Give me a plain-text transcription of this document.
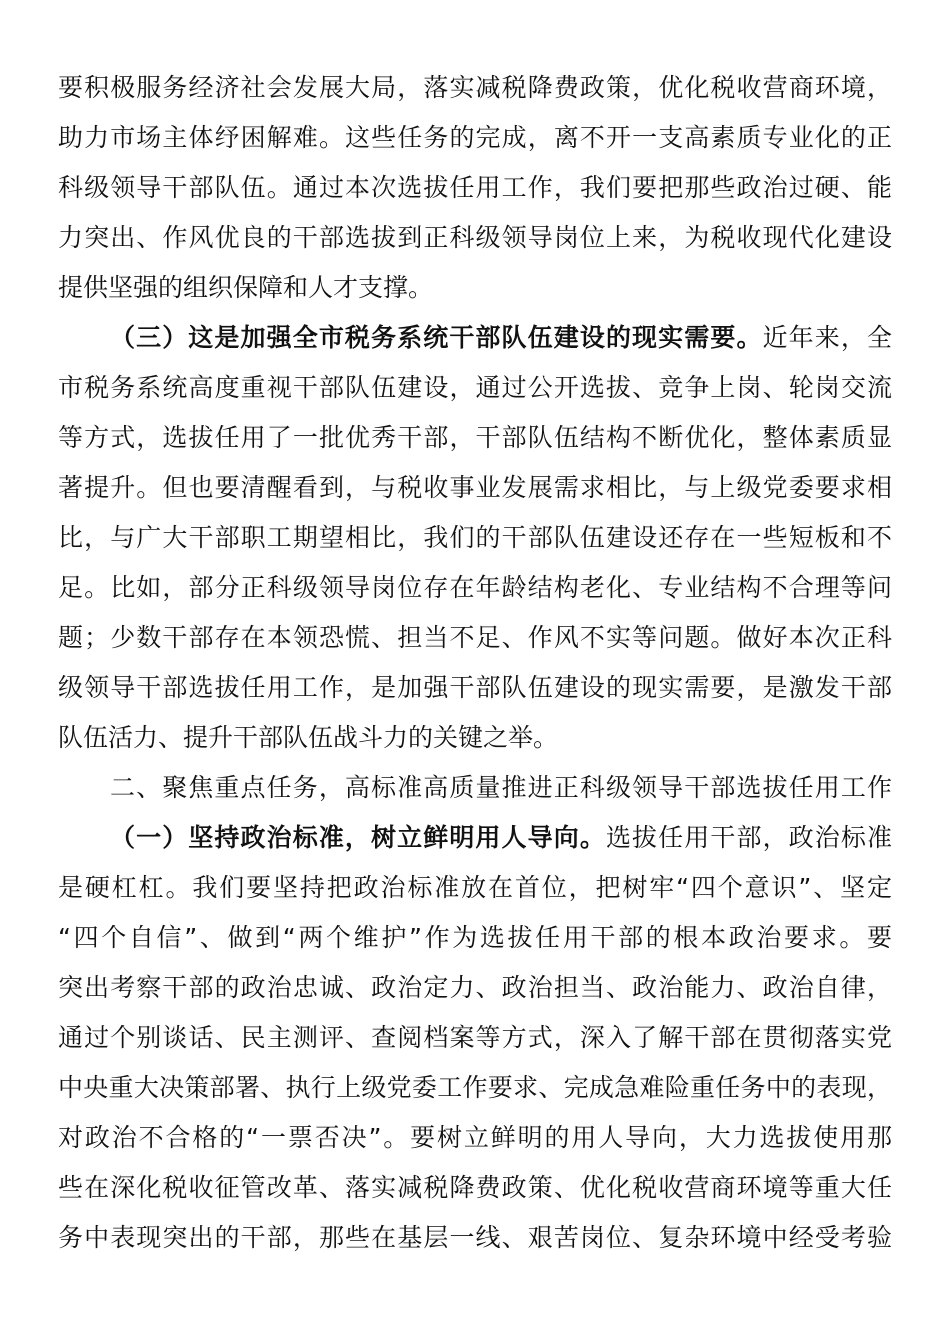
要积极服务经济社会发展大局，落实减税降费政策，优化税收营商环境，
助力市场主体纾困解难。这些任务的完成，离不开一支高素质专业化的正
科级领导干部队伍。通过本次选拔任用工作，我们要把那些政治过硬、能
力突出、作风优良的干部选拔到正科级领导岗位上来，为税收现代化建设
提供坚强的组织保障和人才支撑。
（三）这是加强全市税务系统干部队伍建设的现实需要。近年来，全
市税务系统高度重视干部队伍建设，通过公开选拔、竞争上岗、轮岗交流
等方式，选拔任用了一批优秀干部，干部队伍结构不断优化，整体素质显
著提升。但也要清醒看到，与税收事业发展需求相比，与上级党委要求相
比，与广大干部职工期望相比，我们的干部队伍建设还存在一些短板和不
足。比如，部分正科级领导岗位存在年龄结构老化、专业结构不合理等问
题；少数干部存在本领恐慌、担当不足、作风不实等问题。做好本次正科
级领导干部选拔任用工作，是加强干部队伍建设的现实需要，是激发干部
队伍活力、提升干部队伍战斗力的关键之举。
二、聚焦重点任务，高标准高质量推进正科级领导干部选拔任用工作
（一）坚持政治标准，树立鲜明用人导向。选拔任用干部，政治标准
是硬杠杠。我们要坚持把政治标准放在首位，把树牢“四个意识”、坚定
“四个自信”、做到“两个维护”作为选拔任用干部的根本政治要求。要
突出考察干部的政治忠诚、政治定力、政治担当、政治能力、政治自律，
通过个别谈话、民主测评、查阅档案等方式，深入了解干部在贯彻落实党
中央重大决策部署、执行上级党委工作要求、完成急难险重任务中的表现，
对政治不合格的“一票否决”。要树立鲜明的用人导向，大力选拔使用那
些在深化税收征管改革、落实减税降费政策、优化税收营商环境等重大任
务中表现突出的干部，那些在基层一线、艰苦岗位、复杂环境中经受考验
